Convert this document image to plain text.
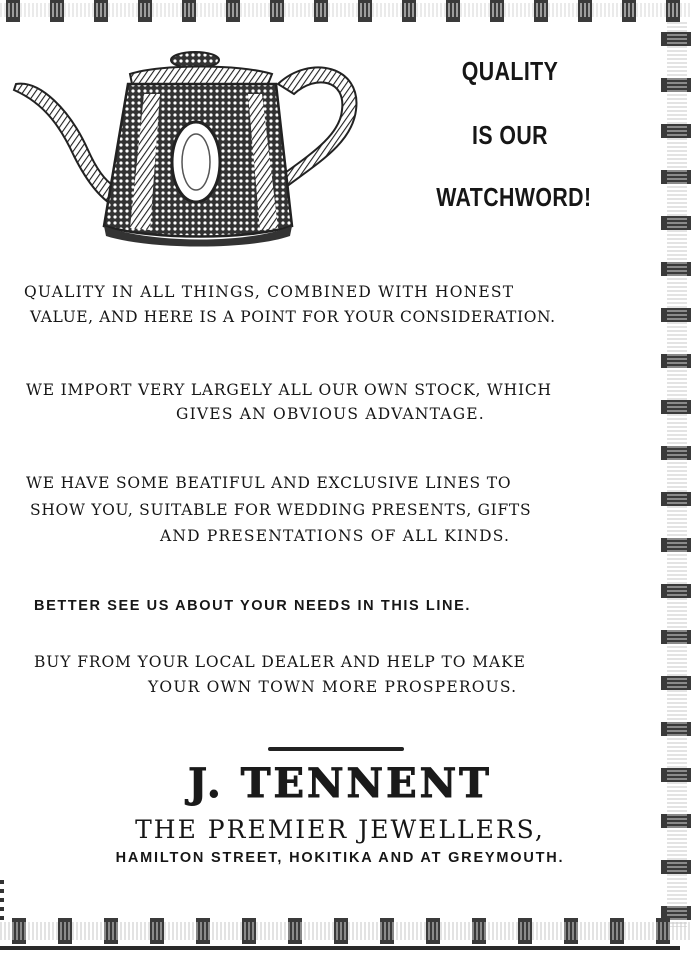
QUALITY
IS OUR
WATCHWORD!
QUALITY IN ALL THINGS, COMBINED WITH HONEST
VALUE, AND HERE IS A POINT FOR YOUR CONSIDERATION.
WE IMPORT VERY LARGELY ALL OUR OWN STOCK, WHICH
GIVES AN OBVIOUS ADVANTAGE.
WE HAVE SOME BEATIFUL AND EXCLUSIVE LINES TO
SHOW YOU, SUITABLE FOR WEDDING PRESENTS, GIFTS
AND PRESENTATIONS OF ALL KINDS.
BETTER SEE US ABOUT YOUR NEEDS IN THIS LINE.
BUY FROM YOUR LOCAL DEALER AND HELP TO MAKE
YOUR OWN TOWN MORE PROSPEROUS.
J. TENNENT
THE PREMIER JEWELLERS,
HAMILTON STREET, HOKITIKA AND AT GREYMOUTH.
